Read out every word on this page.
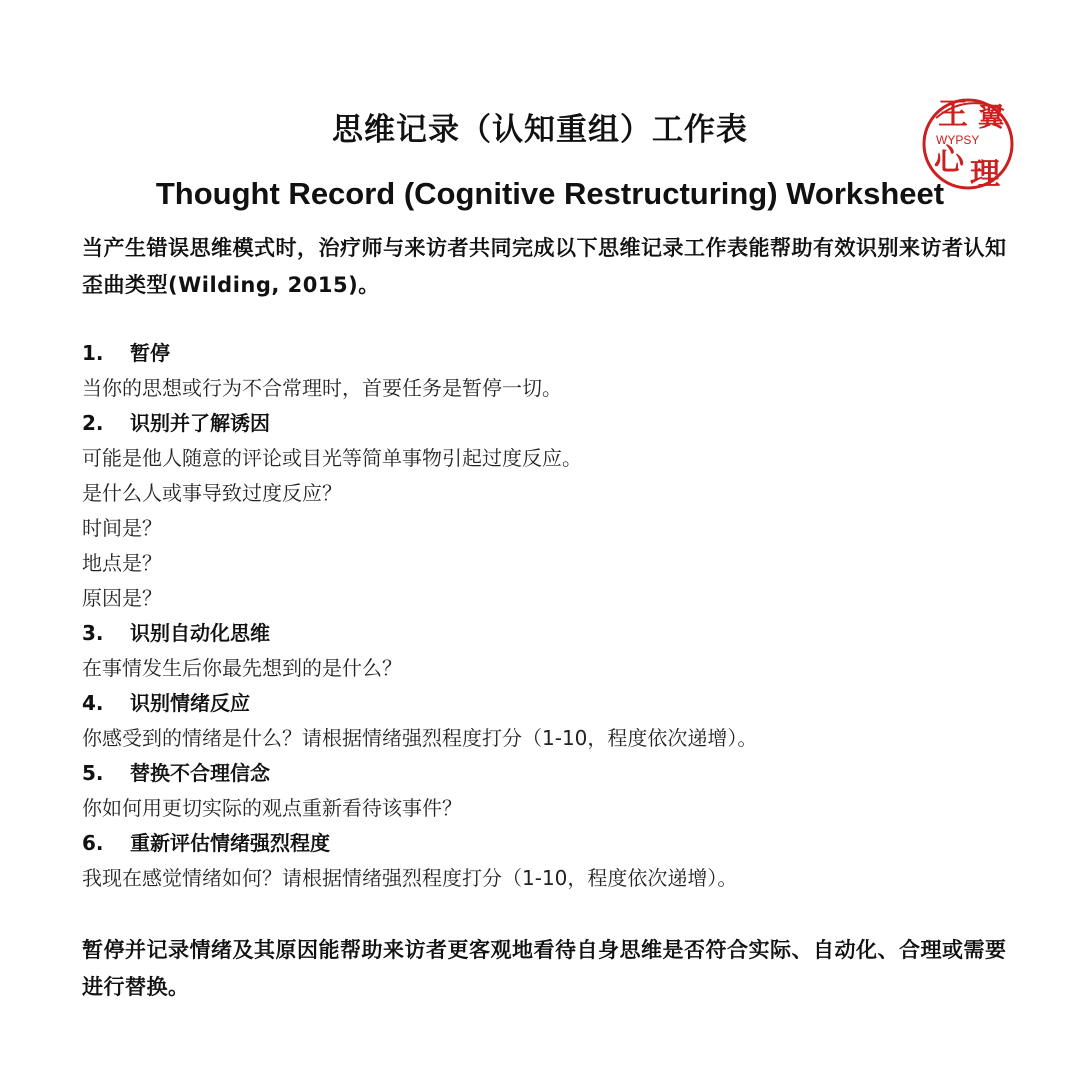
思维记录（认知重组）工作表	王 翼
心 理
WYPSY
Thought Record (Cognitive Restructuring) Worksheet
当产生错误思维模式时，治疗师与来访者共同完成以下思维记录工作表能帮助有效识别来访者认知歪曲类型(Wilding, 2015)。
1. 暂停
当你的思想或行为不合常理时，首要任务是暂停一切。
2. 识别并了解诱因
可能是他人随意的评论或目光等简单事物引起过度反应。
是什么人或事导致过度反应？
时间是？
地点是？
原因是？
3. 识别自动化思维
在事情发生后你最先想到的是什么？
4. 识别情绪反应
你感受到的情绪是什么？请根据情绪强烈程度打分（1-10，程度依次递增）。
5. 替换不合理信念
你如何用更切实际的观点重新看待该事件？
6. 重新评估情绪强烈程度
我现在感觉情绪如何？请根据情绪强烈程度打分（1-10，程度依次递增）。
暂停并记录情绪及其原因能帮助来访者更客观地看待自身思维是否符合实际、自动化、合理或需要进行替换。
